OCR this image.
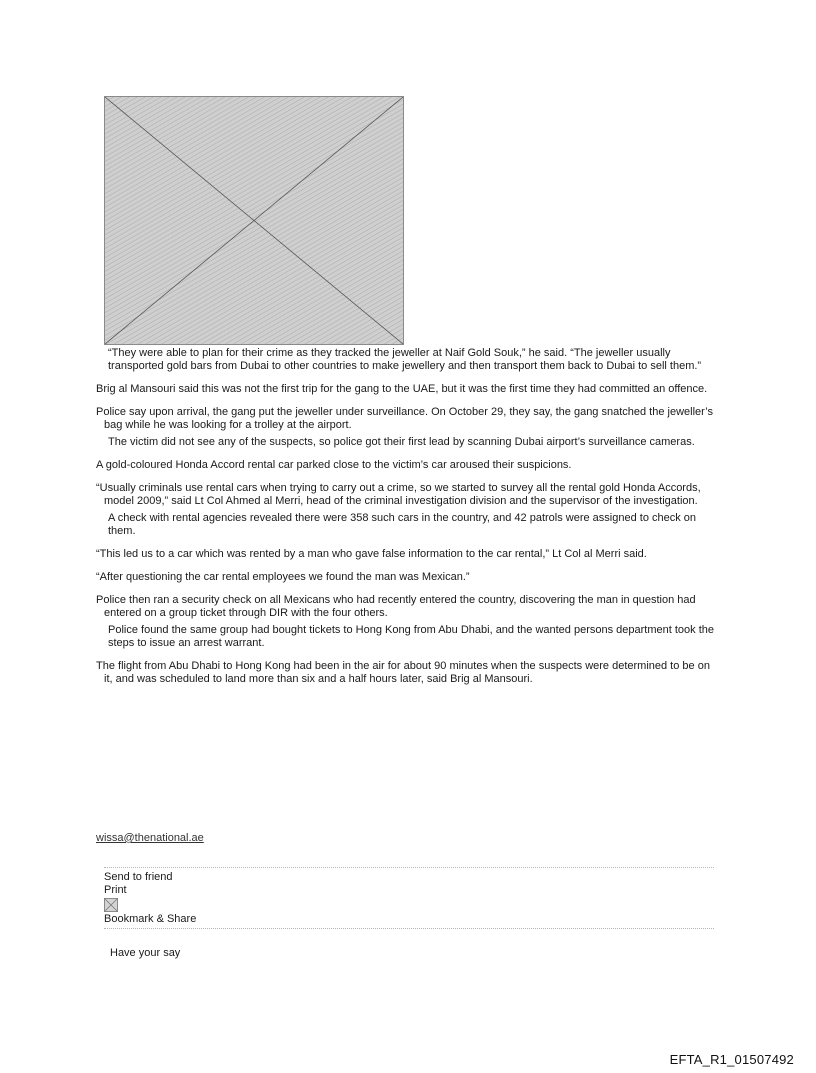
“They were able to plan for their crime as they tracked the jeweller at Naif Gold Souk,” he said. “The jeweller usually transported gold bars from Dubai to other countries to make jewellery and then transport them back to Dubai to sell them.”

Brig al Mansouri said this was not the first trip for the gang to the UAE, but it was the first time they had committed an offence.

Police say upon arrival, the gang put the jeweller under surveillance. On October 29, they say, the gang snatched the jeweller’s bag while he was looking for a trolley at the airport.

The victim did not see any of the suspects, so police got their first lead by scanning Dubai airport’s surveillance cameras.

A gold-coloured Honda Accord rental car parked close to the victim’s car aroused their suspicions.

“Usually criminals use rental cars when trying to carry out a crime, so we started to survey all the rental gold Honda Accords, model 2009,” said Lt Col Ahmed al Merri, head of the criminal investigation division and the supervisor of the investigation.

A check with rental agencies revealed there were 358 such cars in the country, and 42 patrols were assigned to check on them.

“This led us to a car which was rented by a man who gave false information to the car rental,” Lt Col al Merri said.

“After questioning the car rental employees we found the man was Mexican.”

Police then ran a security check on all Mexicans who had recently entered the country, discovering the man in question had entered on a group ticket through DIR with the four others.

Police found the same group had bought tickets to Hong Kong from Abu Dhabi, and the wanted persons department took the steps to issue an arrest warrant.

The flight from Abu Dhabi to Hong Kong had been in the air for about 90 minutes when the suspects were determined to be on it, and was scheduled to land more than six and a half hours later, said Brig al Mansouri.

wissa@thenational.ae
Send to friend
Print
Bookmark & Share
Have your say
EFTA_R1_01507492
